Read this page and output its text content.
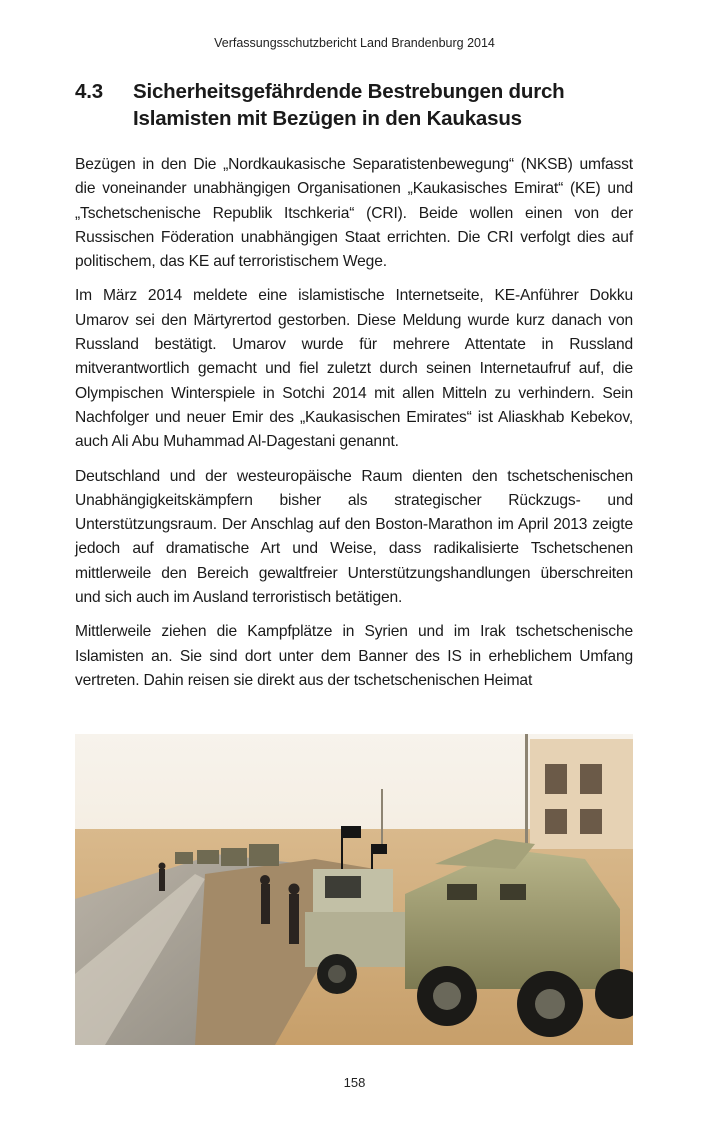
Verfassungsschutzbericht Land Brandenburg 2014
4.3	Sicherheitsgefährdende Bestrebungen durch Islamisten mit Bezügen in den Kaukasus

Bezügen in den Die „Nordkaukasische Separatistenbewegung“ (NKSB) umfasst die voneinander unabhängigen Organisationen „Kaukasisches Emirat“ (KE) und „Tschetschenische Republik Itschkeria“ (CRI). Beide wollen einen von der Russischen Föderation unabhängigen Staat errichten. Die CRI verfolgt dies auf politischem, das KE auf terroristischem Wege.

Im März 2014 meldete eine islamistische Internetseite, KE-Anführer Dokku Umarov sei den Märtyrertod gestorben. Diese Meldung wurde kurz danach von Russland bestätigt. Umarov wurde für mehrere Attentate in Russland mitverantwortlich gemacht und fiel zuletzt durch seinen Internetaufruf auf, die Olympischen Winterspiele in Sotchi 2014 mit allen Mitteln zu verhindern. Sein Nachfolger und neuer Emir des „Kaukasischen Emirates“ ist Aliaskhab Kebekov, auch Ali Abu Muhammad Al-Dagestani genannt.

Deutschland und der westeuropäische Raum dienten den tschetschenischen Unabhängigkeitskämpfern bisher als strategischer Rückzugs- und Unterstützungsraum. Der Anschlag auf den Boston-Marathon im April 2013 zeigte jedoch auf dramatische Art und Weise, dass radikalisierte Tschetschenen mittlerweile den Bereich gewaltfreier Unterstützungshandlungen überschreiten und sich auch im Ausland terroristisch betätigen.

Mittlerweile ziehen die Kampfplätze in Syrien und im Irak tschetschenische Islamisten an. Sie sind dort unter dem Banner des IS in erheblichem Umfang vertreten. Dahin reisen sie direkt aus der tschetschenischen Heimat

158
